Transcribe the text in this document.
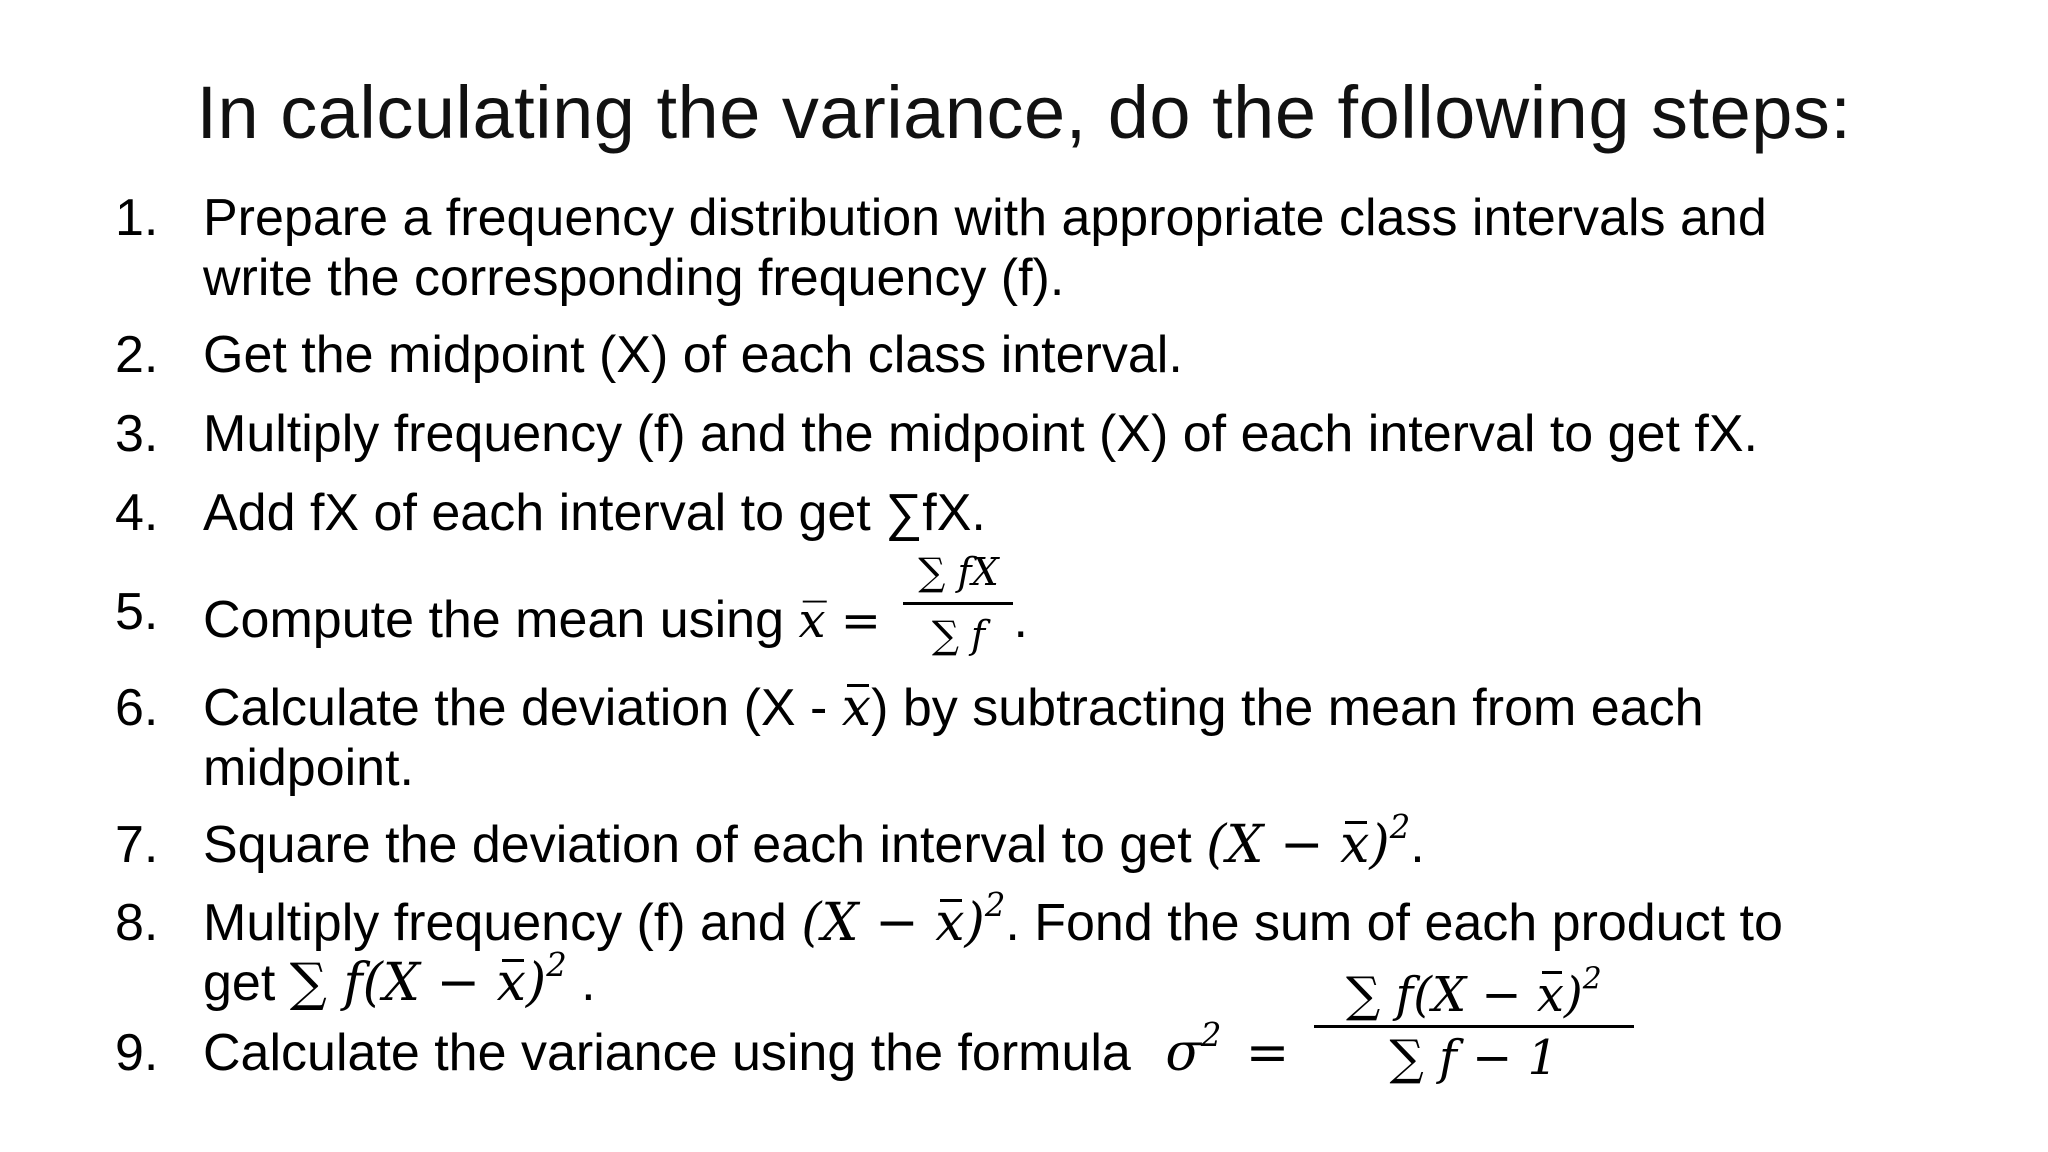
In calculating the variance, do the following steps:
1. Prepare a frequency distribution with appropriate class intervals and
write the corresponding frequency (f).
2. Get the midpoint (X) of each class interval.
3. Multiply frequency (f) and the midpoint (X) of each interval to get fX.
4. Add fX of each interval to get ∑fX.
5. Compute the mean using x̅ = $\frac{\sum fX}{\sum f}$ .
6. Calculate the deviation (X - x) by subtracting the mean from each
midpoint.
7. Square the deviation of each interval to get $(X - x)^2$.
8. Multiply frequency (f) and $(X - x)^2$. Fond the sum of each product to
get ∑ $f(X - x)^2$ .
9. Calculate the variance using the formula $\sigma^2 = \frac{\sum f(X - x)^2}{\sum f - 1}$
